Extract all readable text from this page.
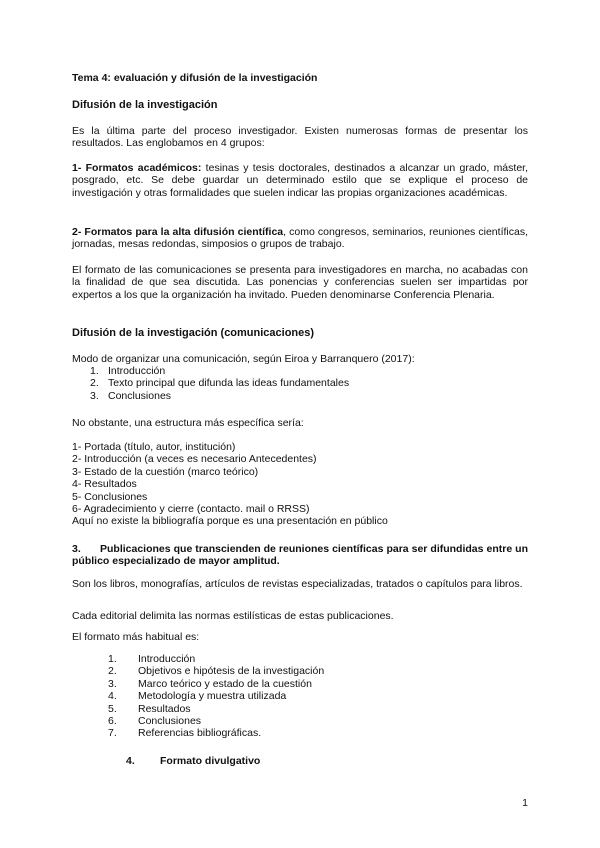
Tema 4: evaluación y difusión de la investigación
Difusión de la investigación
Es la última parte del proceso investigador. Existen numerosas formas de presentar los resultados. Las englobamos en 4 grupos:
1- Formatos académicos: tesinas y tesis doctorales, destinados a alcanzar un grado, máster, posgrado, etc. Se debe guardar un determinado estilo que se explique el proceso de investigación y otras formalidades que suelen indicar las propias organizaciones académicas.
2- Formatos para la alta difusión científica, como congresos, seminarios, reuniones científicas, jornadas, mesas redondas, simposios o grupos de trabajo.
El formato de las comunicaciones se presenta para investigadores en marcha, no acabadas con la finalidad de que sea discutida. Las ponencias y conferencias suelen ser impartidas por expertos a los que la organización ha invitado. Pueden denominarse Conferencia Plenaria.
Difusión de la investigación (comunicaciones)
Modo de organizar una comunicación, según Eiroa y Barranquero (2017):
1. Introducción
2. Texto principal que difunda las ideas fundamentales
3. Conclusiones
No obstante, una estructura más específica sería:
1- Portada (título, autor, institución)
2- Introducción (a veces es necesario Antecedentes)
3- Estado de la cuestión (marco teórico)
4- Resultados
5- Conclusiones
6- Agradecimiento y cierre (contacto. mail o RRSS)
Aquí no existe la bibliografía porque es una presentación en público
3. Publicaciones que transcienden de reuniones científicas para ser difundidas entre un público especializado de mayor amplitud.
Son los libros, monografías, artículos de revistas especializadas, tratados o capítulos para libros.
Cada editorial delimita las normas estilísticas de estas publicaciones.
El formato más habitual es:
1. Introducción
2. Objetivos e hipótesis de la investigación
3. Marco teórico y estado de la cuestión
4. Metodología y muestra utilizada
5. Resultados
6. Conclusiones
7. Referencias bibliográficas.
4. Formato divulgativo
1
